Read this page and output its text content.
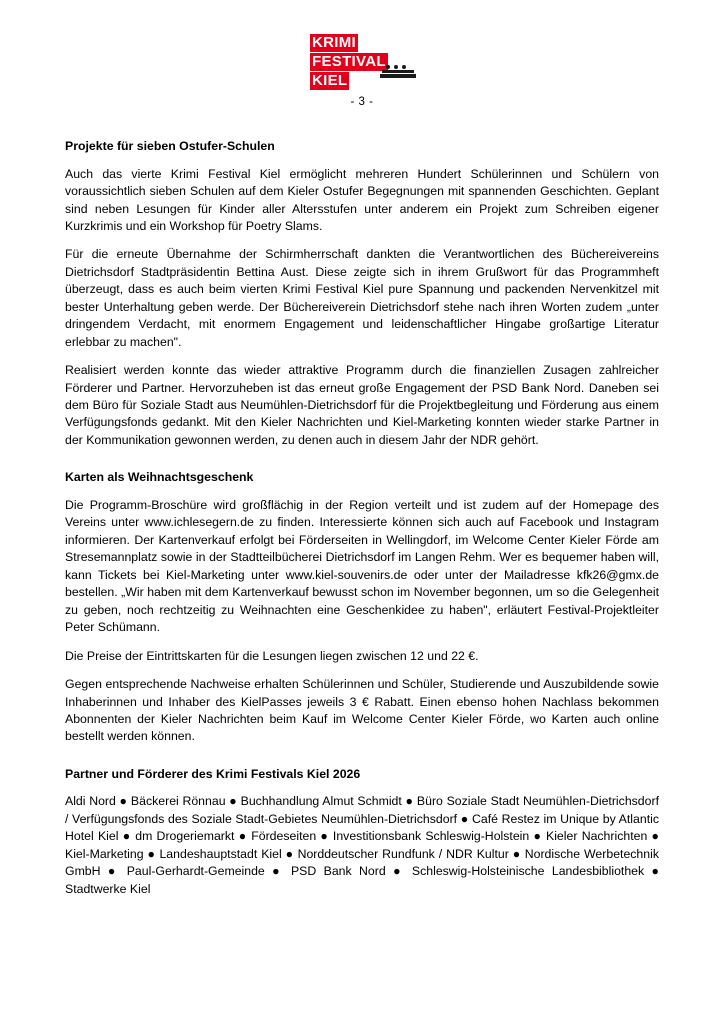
KRIMI
FESTIVAL
KIEL
- 3 -
Projekte für sieben Ostufer-Schulen

Auch das vierte Krimi Festival Kiel ermöglicht mehreren Hundert Schülerinnen und Schülern von voraussichtlich sieben Schulen auf dem Kieler Ostufer Begegnungen mit spannenden Geschichten. Geplant sind neben Lesungen für Kinder aller Altersstufen unter anderem ein Projekt zum Schreiben eigener Kurzkrimis und ein Workshop für Poetry Slams.

Für die erneute Übernahme der Schirmherrschaft dankten die Verantwortlichen des Büchereivereins Dietrichsdorf Stadtpräsidentin Bettina Aust. Diese zeigte sich in ihrem Grußwort für das Programmheft überzeugt, dass es auch beim vierten Krimi Festival Kiel pure Spannung und packenden Nervenkitzel mit bester Unterhaltung geben werde. Der Büchereiverein Dietrichsdorf stehe nach ihren Worten zudem „unter dringendem Verdacht, mit enormem Engagement und leidenschaftlicher Hingabe großartige Literatur erlebbar zu machen".

Realisiert werden konnte das wieder attraktive Programm durch die finanziellen Zusagen zahlreicher Förderer und Partner. Hervorzuheben ist das erneut große Engagement der PSD Bank Nord. Daneben sei dem Büro für Soziale Stadt aus Neumühlen-Dietrichsdorf für die Projektbegleitung und Förderung aus einem Verfügungsfonds gedankt. Mit den Kieler Nachrichten und Kiel-Marketing konnten wieder starke Partner in der Kommunikation gewonnen werden, zu denen auch in diesem Jahr der NDR gehört.

Karten als Weihnachtsgeschenk

Die Programm-Broschüre wird großflächig in der Region verteilt und ist zudem auf der Homepage des Vereins unter www.ichlesegern.de zu finden. Interessierte können sich auch auf Facebook und Instagram informieren. Der Kartenverkauf erfolgt bei Förderseiten in Wellingdorf, im Welcome Center Kieler Förde am Stresemannplatz sowie in der Stadtteilbücherei Dietrichsdorf im Langen Rehm. Wer es bequemer haben will, kann Tickets bei Kiel-Marketing unter www.kiel-souvenirs.de oder unter der Mailadresse kfk26@gmx.de bestellen. „Wir haben mit dem Kartenverkauf bewusst schon im November begonnen, um so die Gelegenheit zu geben, noch rechtzeitig zu Weihnachten eine Geschenkidee zu haben", erläutert Festival-Projektleiter Peter Schümann.

Die Preise der Eintrittskarten für die Lesungen liegen zwischen 12 und 22 €.

Gegen entsprechende Nachweise erhalten Schülerinnen und Schüler, Studierende und Auszubildende sowie Inhaberinnen und Inhaber des KielPasses jeweils 3 € Rabatt. Einen ebenso hohen Nachlass bekommen Abonnenten der Kieler Nachrichten beim Kauf im Welcome Center Kieler Förde, wo Karten auch online bestellt werden können.

Partner und Förderer des Krimi Festivals Kiel 2026

Aldi Nord ● Bäckerei Rönnau ● Buchhandlung Almut Schmidt ● Büro Soziale Stadt Neumühlen-Dietrichsdorf / Verfügungsfonds des Soziale Stadt-Gebietes Neumühlen-Dietrichsdorf ● Café Restez im Unique by Atlantic Hotel Kiel ● dm Drogeriemarkt ● Fördeseiten ● Investitionsbank Schleswig-Holstein ● Kieler Nachrichten ● Kiel-Marketing ● Landeshauptstadt Kiel ● Norddeutscher Rundfunk / NDR Kultur ● Nordische Werbetechnik GmbH ● Paul-Gerhardt-Gemeinde ● PSD Bank Nord ● Schleswig-Holsteinische Landesbibliothek ● Stadtwerke Kiel
